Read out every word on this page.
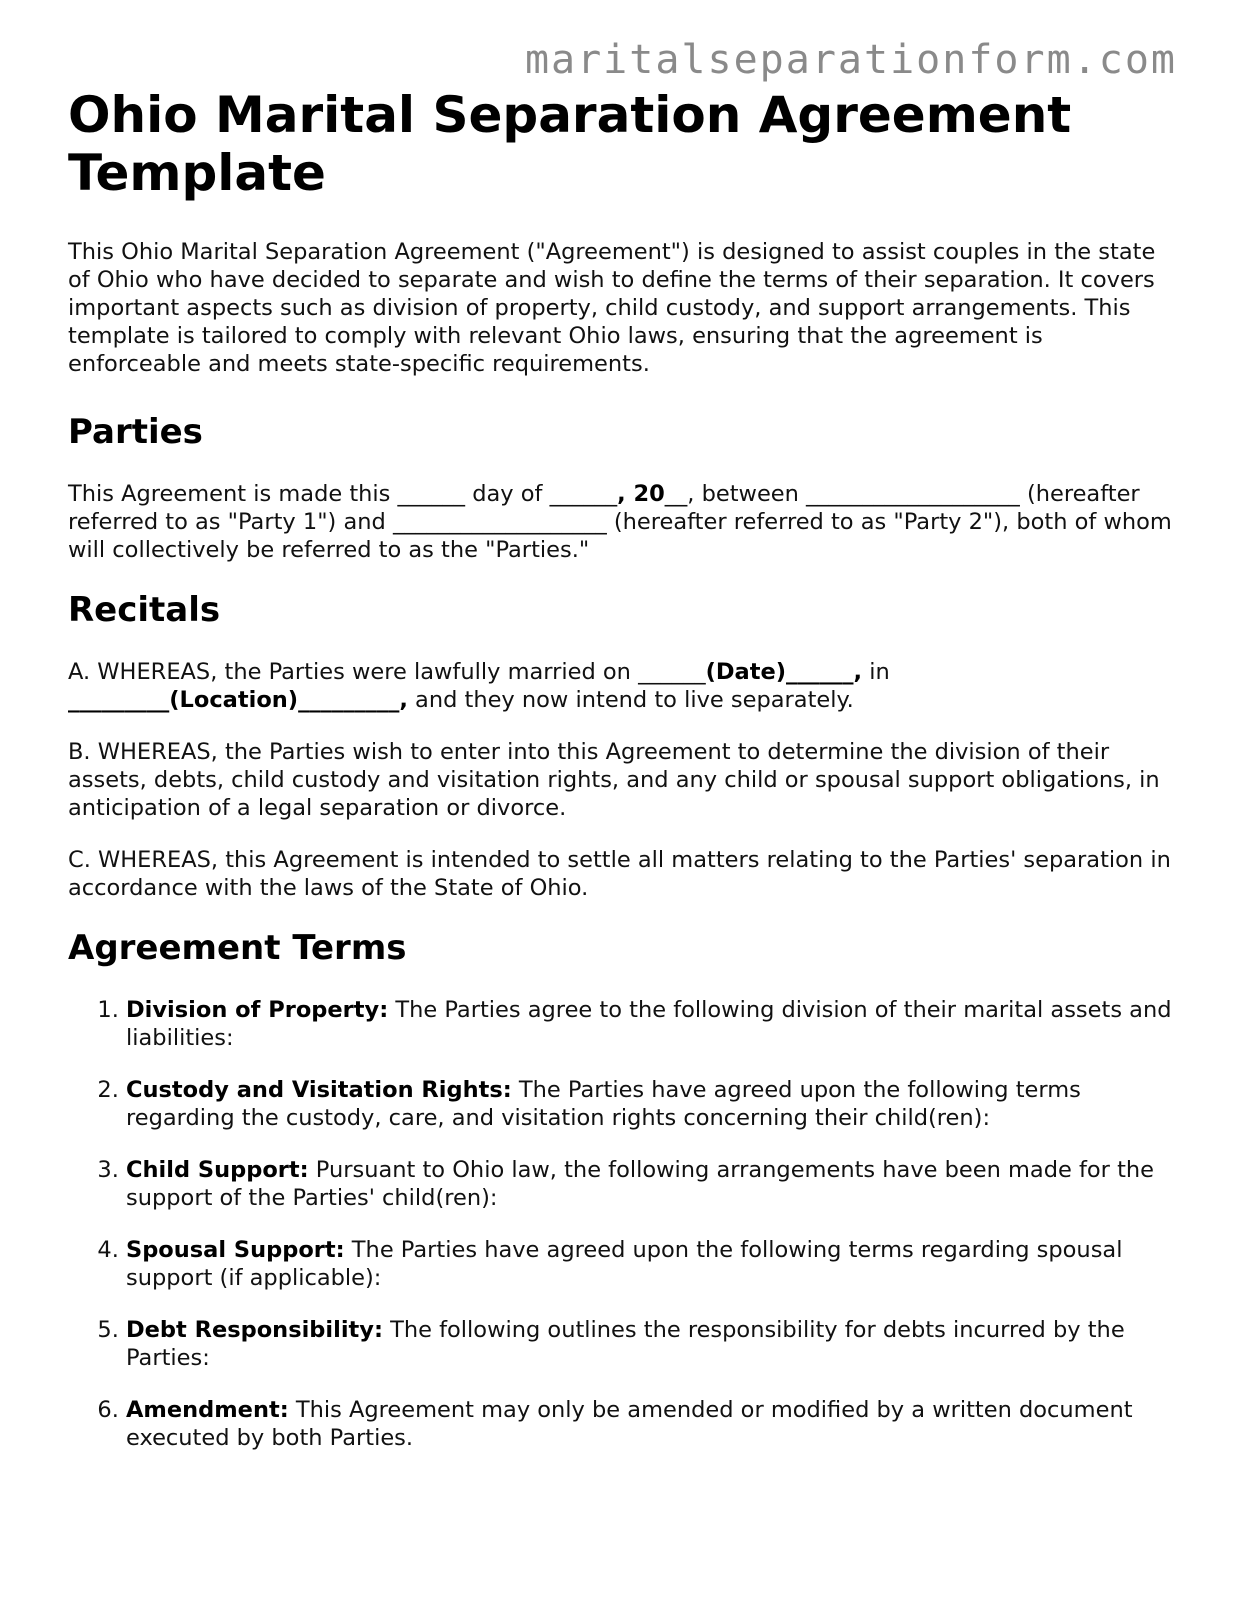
maritalseparationform.com
Ohio Marital Separation Agreement Template

This Ohio Marital Separation Agreement ("Agreement") is designed to assist couples in the state of Ohio who have decided to separate and wish to define the terms of their separation. It covers important aspects such as division of property, child custody, and support arrangements. This template is tailored to comply with relevant Ohio laws, ensuring that the agreement is enforceable and meets state-specific requirements.

Parties

This Agreement is made this ______ day of ______, 20__, between ___________________ (hereafter referred to as "Party 1") and ___________________ (hereafter referred to as "Party 2"), both of whom will collectively be referred to as the "Parties."

Recitals

A. WHEREAS, the Parties were lawfully married on ______(Date)______, in
_________(Location)_________, and they now intend to live separately.

B. WHEREAS, the Parties wish to enter into this Agreement to determine the division of their assets, debts, child custody and visitation rights, and any child or spousal support obligations, in anticipation of a legal separation or divorce.

C. WHEREAS, this Agreement is intended to settle all matters relating to the Parties' separation in accordance with the laws of the State of Ohio.

Agreement Terms
1. Division of Property: The Parties agree to the following division of their marital assets and liabilities:
2. Custody and Visitation Rights: The Parties have agreed upon the following terms regarding the custody, care, and visitation rights concerning their child(ren):
3. Child Support: Pursuant to Ohio law, the following arrangements have been made for the support of the Parties' child(ren):
4. Spousal Support: The Parties have agreed upon the following terms regarding spousal support (if applicable):
5. Debt Responsibility: The following outlines the responsibility for debts incurred by the Parties:
6. Amendment: This Agreement may only be amended or modified by a written document executed by both Parties.
